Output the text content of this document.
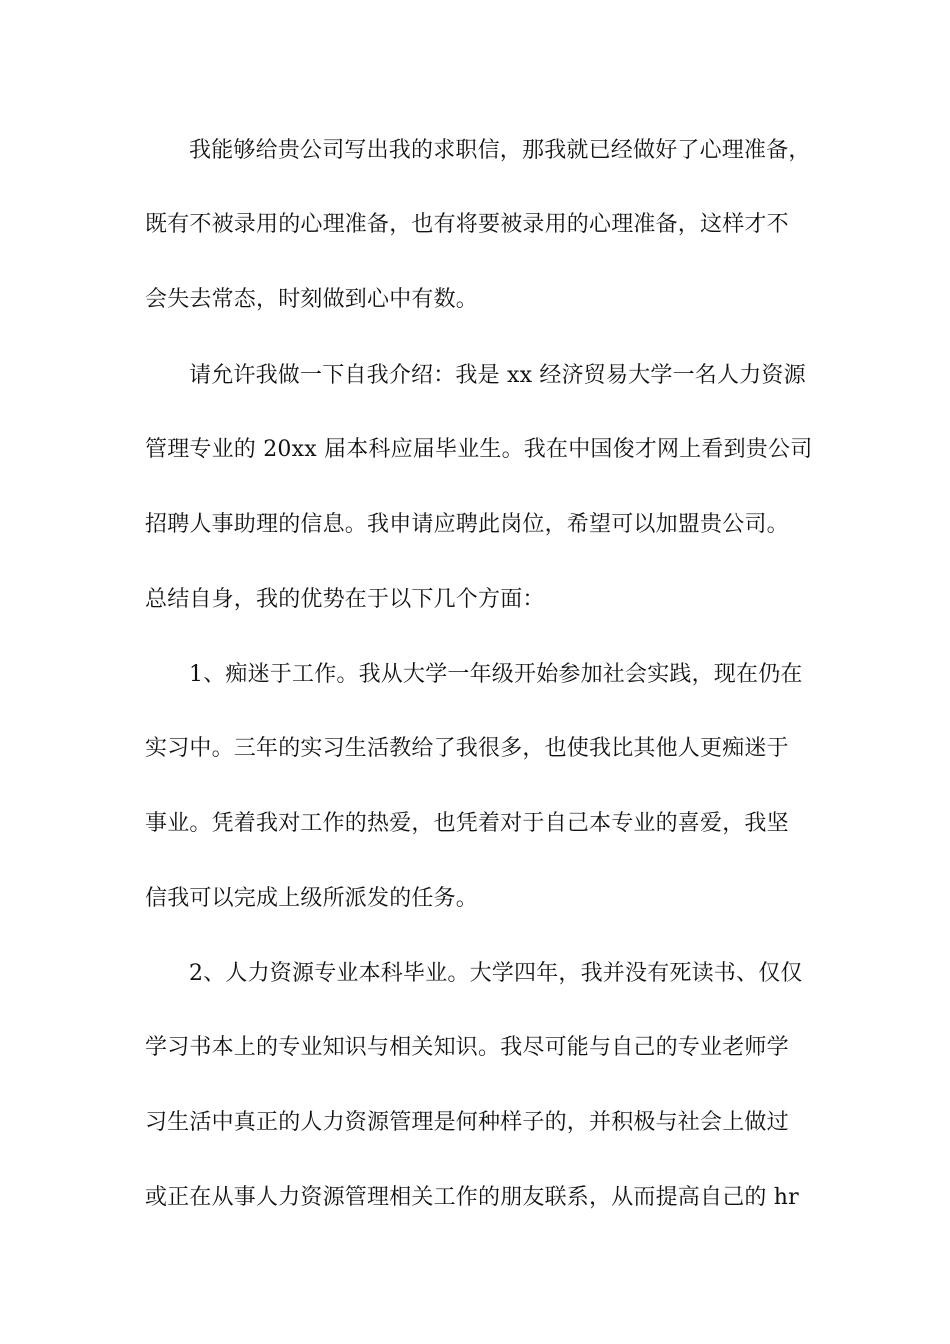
我能够给贵公司写出我的求职信，那我就已经做好了心理准备，
既有不被录用的心理准备，也有将要被录用的心理准备，这样才不
会失去常态，时刻做到心中有数。
请允许我做一下自我介绍：我是 xx 经济贸易大学一名人力资源
管理专业的 20xx 届本科应届毕业生。我在中国俊才网上看到贵公司
招聘人事助理的信息。我申请应聘此岗位，希望可以加盟贵公司。
总结自身，我的优势在于以下几个方面：
1、痴迷于工作。我从大学一年级开始参加社会实践，现在仍在
实习中。三年的实习生活教给了我很多，也使我比其他人更痴迷于
事业。凭着我对工作的热爱，也凭着对于自己本专业的喜爱，我坚
信我可以完成上级所派发的任务。
2、人力资源专业本科毕业。大学四年，我并没有死读书、仅仅
学习书本上的专业知识与相关知识。我尽可能与自己的专业老师学
习生活中真正的人力资源管理是何种样子的，并积极与社会上做过
或正在从事人力资源管理相关工作的朋友联系，从而提高自己的 hr
